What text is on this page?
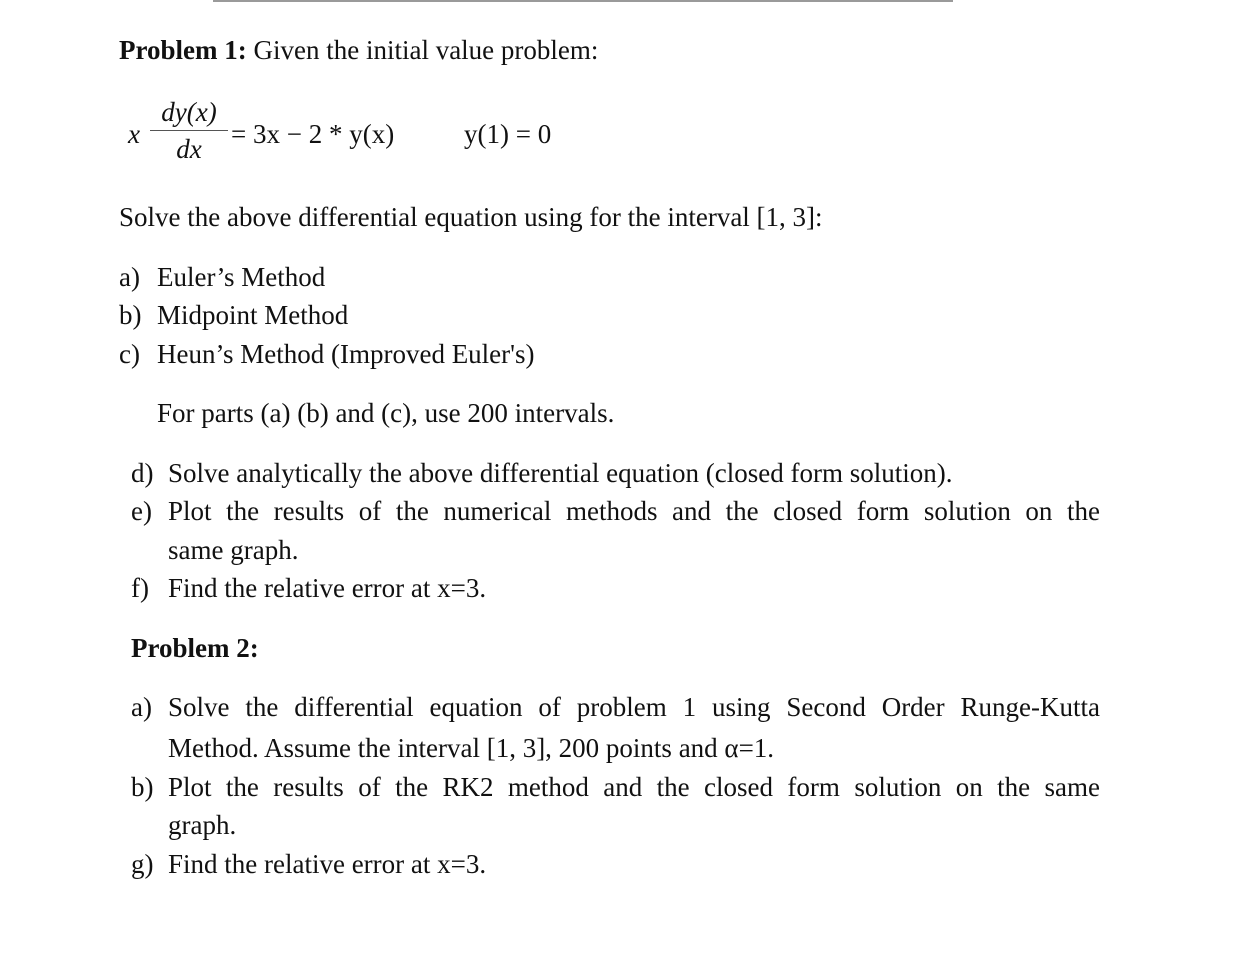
Problem 1: Given the initial value problem:
x
dy(x)
dx	= 3x − 2 * y(x)	y(1) = 0
Solve the above differential equation using for the interval [1, 3]:
a) Euler’s Method
b) Midpoint Method
c) Heun’s Method (Improved Euler's)
For parts (a) (b) and (c), use 200 intervals.
d) Solve analytically the above differential equation (closed form solution).
e) Plot the results of the numerical methods and the closed form solution on the
same graph.
f) Find the relative error at x=3.
Problem 2:
a) Solve the differential equation of problem 1 using Second Order Runge-Kutta
Method. Assume the interval [1, 3], 200 points and α=1.
b) Plot the results of the RK2 method and the closed form solution on the same
graph.
g) Find the relative error at x=3.
